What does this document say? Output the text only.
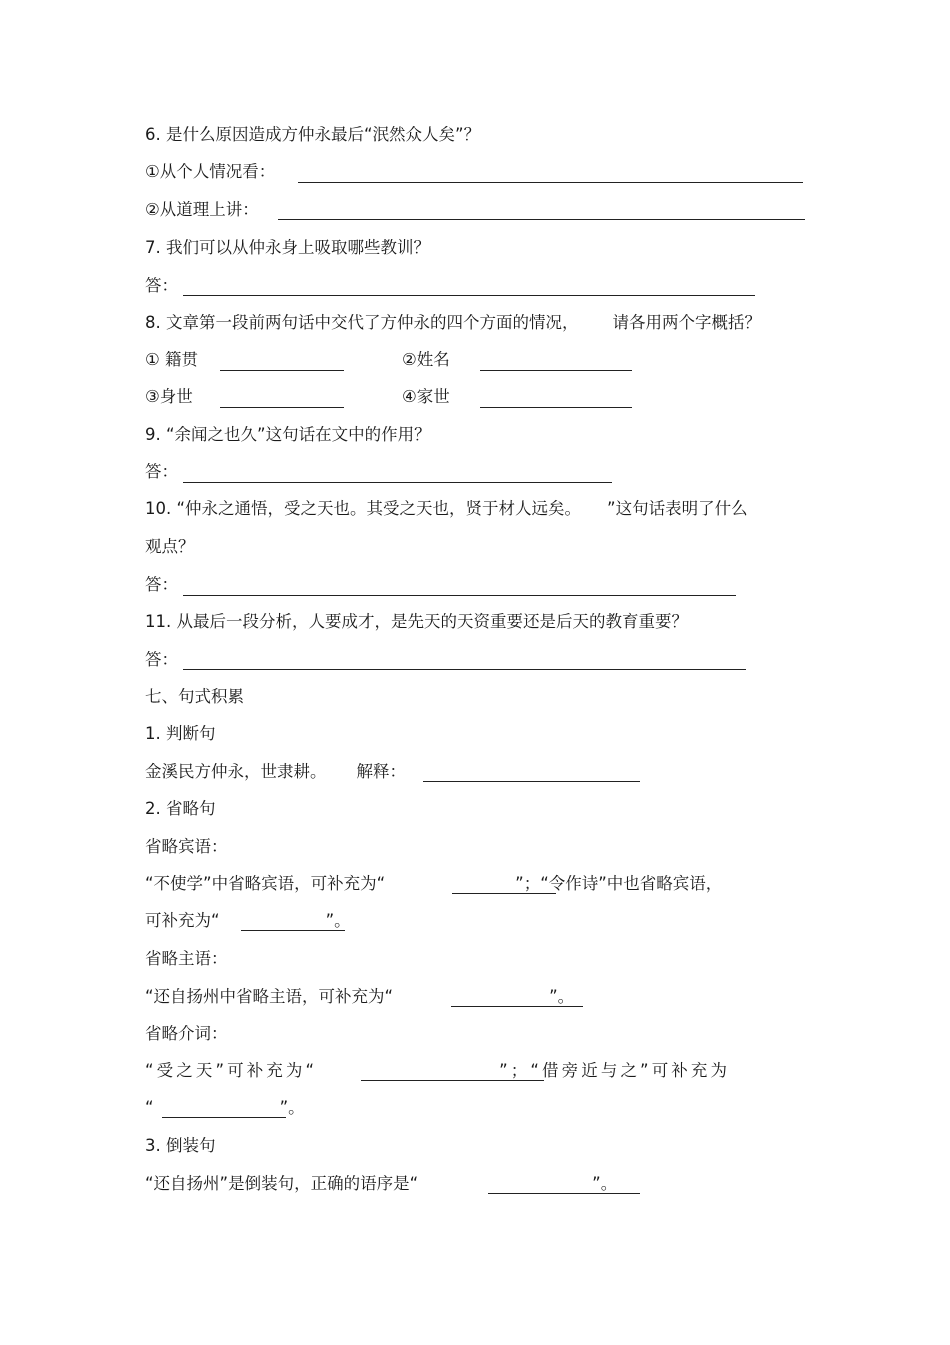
6. 是什么原因造成方仲永最后“泯然众人矣”？
①从个人情况看：
②从道理上讲：
7. 我们可以从仲永身上吸取哪些教训？
答：
8. 文章第一段前两句话中交代了方仲永的四个方面的情况， 请各用两个字概括？
① 籍贯	②姓名
③身世	④家世
9. “余闻之也久”这句话在文中的作用？
答：
10. “仲永之通悟，受之天也。其受之天也，贤于材人远矣。 ”这句话表明了什么
观点？
答：
11. 从最后一段分析，人要成才，是先天的天资重要还是后天的教育重要？
答：
七、句式积累
1. 判断句
金溪民方仲永，世隶耕。 解释：
2. 省略句
省略宾语：
“不使学”中省略宾语，可补充为“	”；“令作诗”中也省略宾语，
可补充为“	”。
省略主语：
“还自扬州中省略主语，可补充为“	”。
省略介词：
“受之天”可补充为“	”；“借旁近与之”可补充为
“	”。
3. 倒装句
“还自扬州”是倒装句，正确的语序是“	”。
